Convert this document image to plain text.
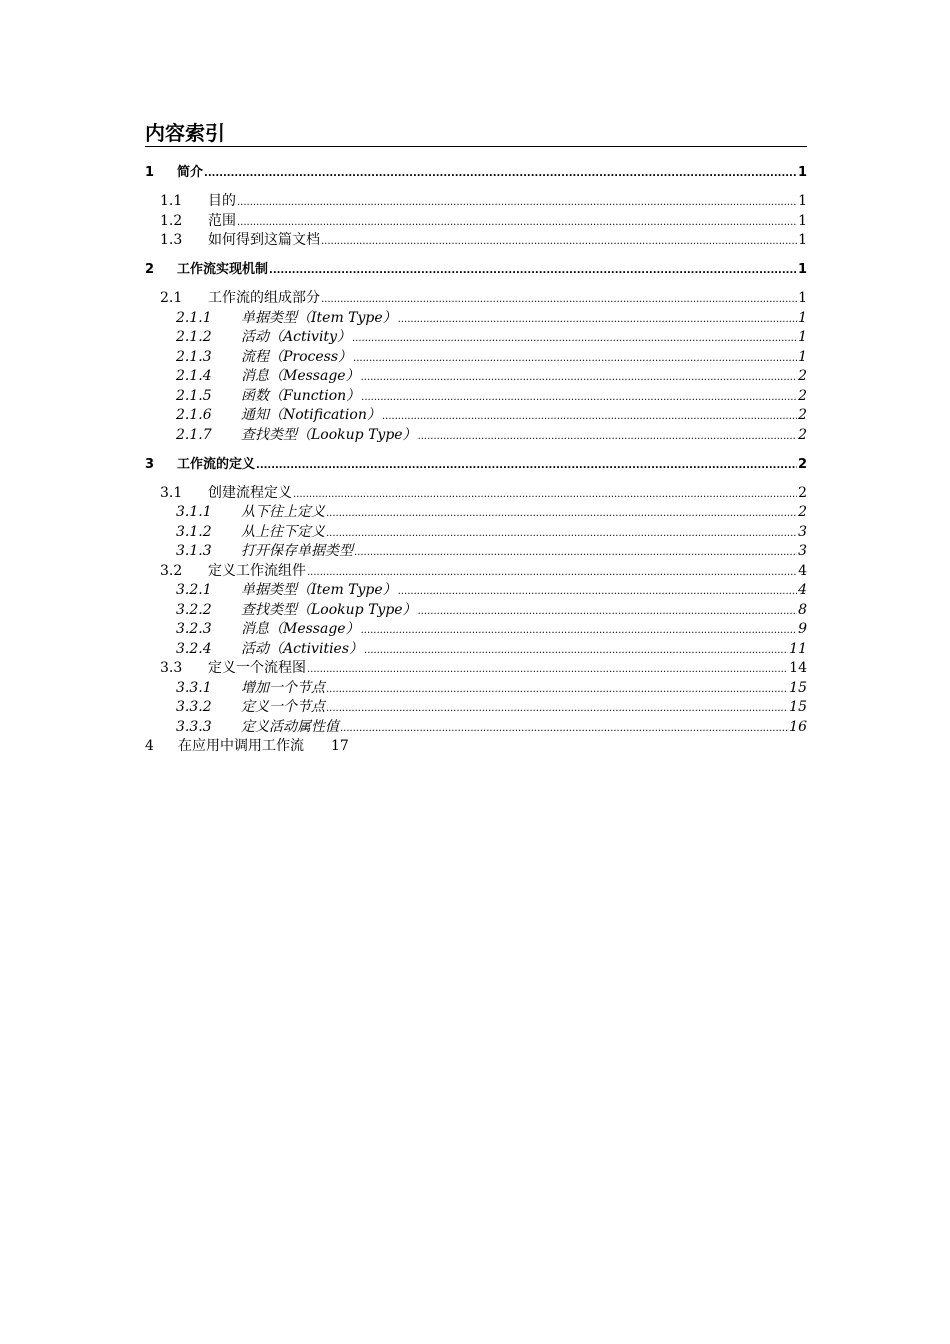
内容索引
1	简介 .....	1
1.1	目的 .....	1
1.2	范围 .....	1
1.3	如何得到这篇文档 .....	1
2	工作流实现机制 .....	1
2.1	工作流的组成部分 .....	1
2.1.1	单据类型（Item Type） .....	1
2.1.2	活动（Activity） .....	1
2.1.3	流程（Process） .....	1
2.1.4	消息（Message） .....	2
2.1.5	函数（Function） .....	2
2.1.6	通知（Notification） .....	2
2.1.7	查找类型（Lookup Type） .....	2
3	工作流的定义 .....	2
3.1	创建流程定义 .....	2
3.1.1	从下往上定义 .....	2
3.1.2	从上往下定义 .....	3
3.1.3	打开保存单据类型 .....	3
3.2	定义工作流组件 .....	4
3.2.1	单据类型（Item Type） .....	4
3.2.2	查找类型（Lookup Type） .....	8
3.2.3	消息（Message） .....	9
3.2.4	活动（Activities） .....	11
3.3	定义一个流程图 .....	14
3.3.1	增加一个节点 .....	15
3.3.2	定义一个节点 .....	15
3.3.3	定义活动属性值 .....	16
4	在应用中调用工作流 17
